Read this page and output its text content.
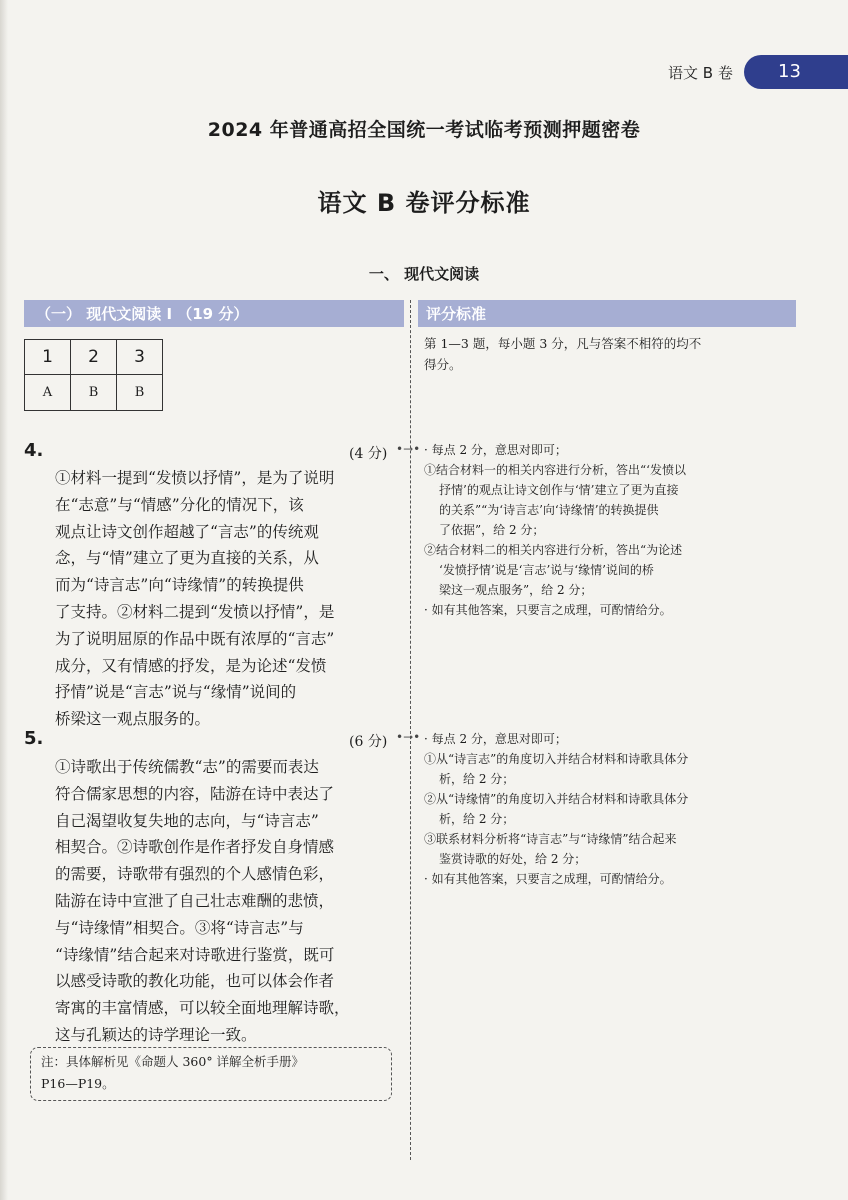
语文 B 卷	13
2024 年普通高招全国统一考试临考预测押题密卷
语文 B 卷评分标准
一、 现代文阅读
（一） 现代文阅读 I （19 分）	评分标准
1	2	3
A	B	B
第 1—3 题，每小题 3 分，凡与答案不相符的均不
得分。
4.	(4 分) •→•
①材料一提到“发愤以抒情”，是为了说明
在“志意”与“情感”分化的情况下，该
观点让诗文创作超越了“言志”的传统观
念，与“情”建立了更为直接的关系，从
而为“诗言志”向“诗缘情”的转换提供
了支持。②材料二提到“发愤以抒情”，是
为了说明屈原的作品中既有浓厚的“言志”
成分，又有情感的抒发，是为论述“发愤
抒情”说是“言志”说与“缘情”说间的
桥梁这一观点服务的。
· 每点 2 分，意思对即可；
①结合材料一的相关内容进行分析，答出“‘发愤以
抒情’的观点让诗文创作与‘情’建立了更为直接
的关系”“为‘诗言志’向‘诗缘情’的转换提供
了依据”，给 2 分；
②结合材料二的相关内容进行分析，答出“为论述
‘发愤抒情’说是‘言志’说与‘缘情’说间的桥
梁这一观点服务”，给 2 分；
· 如有其他答案，只要言之成理，可酌情给分。
5.	(6 分) •→•
①诗歌出于传统儒教“志”的需要而表达
符合儒家思想的内容，陆游在诗中表达了
自己渴望收复失地的志向，与“诗言志”
相契合。②诗歌创作是作者抒发自身情感
的需要，诗歌带有强烈的个人感情色彩，
陆游在诗中宣泄了自己壮志难酬的悲愤，
与“诗缘情”相契合。③将“诗言志”与
“诗缘情”结合起来对诗歌进行鉴赏，既可
以感受诗歌的教化功能，也可以体会作者
寄寓的丰富情感，可以较全面地理解诗歌，
这与孔颖达的诗学理论一致。
· 每点 2 分，意思对即可；
①从“诗言志”的角度切入并结合材料和诗歌具体分
析，给 2 分；
②从“诗缘情”的角度切入并结合材料和诗歌具体分
析，给 2 分；
③联系材料分析将“诗言志”与“诗缘情”结合起来
鉴赏诗歌的好处，给 2 分；
· 如有其他答案，只要言之成理，可酌情给分。
注：具体解析见《命题人 360° 详解全析手册》
P16—P19。
